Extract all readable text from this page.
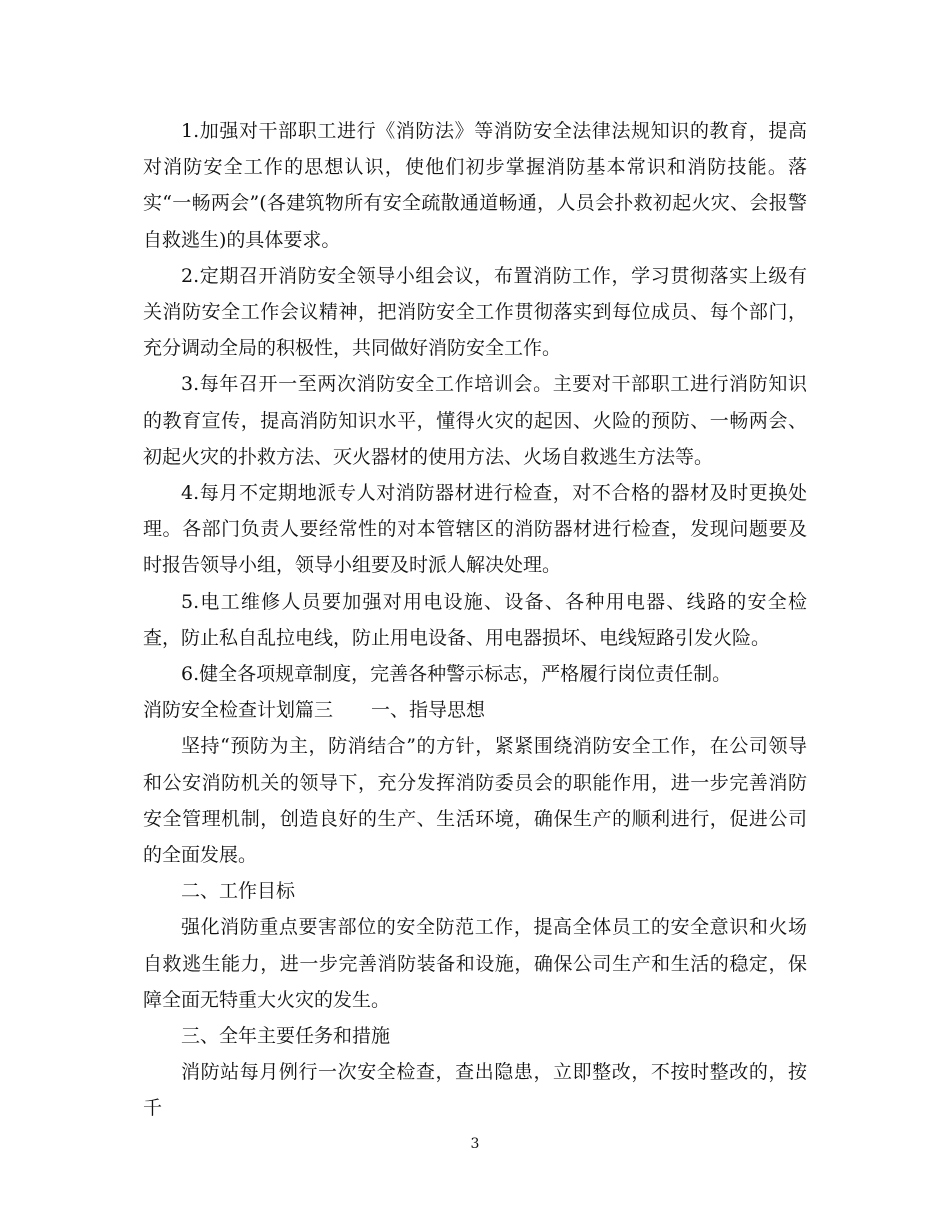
1.加强对干部职工进行《消防法》等消防安全法律法规知识的教育，提高对消防安全工作的思想认识，使他们初步掌握消防基本常识和消防技能。落实“一畅两会”(各建筑物所有安全疏散通道畅通，人员会扑救初起火灾、会报警自救逃生)的具体要求。

2.定期召开消防安全领导小组会议，布置消防工作，学习贯彻落实上级有关消防安全工作会议精神，把消防安全工作贯彻落实到每位成员、每个部门，充分调动全局的积极性，共同做好消防安全工作。

3.每年召开一至两次消防安全工作培训会。主要对干部职工进行消防知识的教育宣传，提高消防知识水平，懂得火灾的起因、火险的预防、一畅两会、初起火灾的扑救方法、灭火器材的使用方法、火场自救逃生方法等。

4.每月不定期地派专人对消防器材进行检查，对不合格的器材及时更换处理。各部门负责人要经常性的对本管辖区的消防器材进行检查，发现问题要及时报告领导小组，领导小组要及时派人解决处理。

5.电工维修人员要加强对用电设施、设备、各种用电器、线路的安全检查，防止私自乱拉电线，防止用电设备、用电器损坏、电线短路引发火险。

6.健全各项规章制度，完善各种警示标志，严格履行岗位责任制。

消防安全检查计划篇三　　一、指导思想

坚持“预防为主，防消结合”的方针，紧紧围绕消防安全工作，在公司领导和公安消防机关的领导下，充分发挥消防委员会的职能作用，进一步完善消防安全管理机制，创造良好的生产、生活环境，确保生产的顺利进行，促进公司的全面发展。

二、工作目标

强化消防重点要害部位的安全防范工作，提高全体员工的安全意识和火场自救逃生能力，进一步完善消防装备和设施，确保公司生产和生活的稳定，保障全面无特重大火灾的发生。

三、全年主要任务和措施

消防站每月例行一次安全检查，查出隐患，立即整改，不按时整改的，按千

3
